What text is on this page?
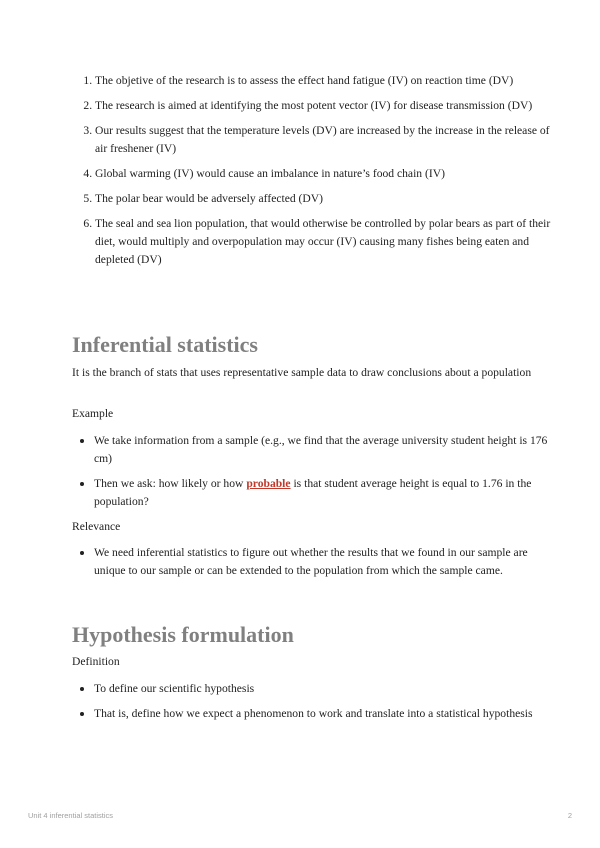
1. The objetive of the research is to assess the effect hand fatigue (IV) on reaction time (DV)
2. The research is aimed at identifying the most potent vector (IV) for disease transmission (DV)
3. Our results suggest that the temperature levels (DV) are increased by the increase in the release of air freshener (IV)
4. Global warming (IV) would cause an imbalance in nature’s food chain (IV)
5. The polar bear would be adversely affected (DV)
6. The seal and sea lion population, that would otherwise be controlled by polar bears as part of their diet, would multiply and overpopulation may occur (IV) causing many fishes being eaten and depleted (DV)
Inferential statistics

It is the branch of stats that uses representative sample data to draw conclusions about a population

Example

We take information from a sample (e.g., we find that the average university student height is 176 cm)
Then we ask: how likely or how probable is that student average height is equal to 1.76 in the population?

Relevance

We need inferential statistics to figure out whether the results that we found in our sample are unique to our sample or can be extended to the population from which the sample came.
Hypothesis formulation

Definition

To define our scientific hypothesis
That is, define how we expect a phenomenon to work and translate into a statistical hypothesis
Unit 4 inferential statistics	2
